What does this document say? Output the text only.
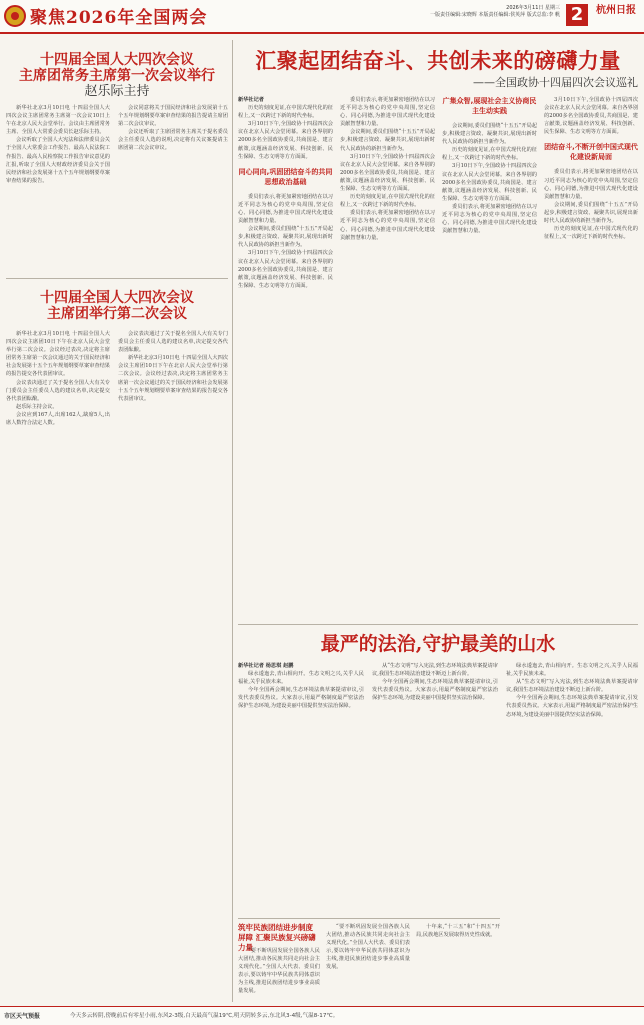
聚焦2026年全国两会	2026年3月11日 星期三
一版责任编辑:宋晓辉 本版责任编辑:侯英萍 版式总监:李 帆 2	杭州日报
十四届全国人大四次会议
主席团常务主席第一次会议举行
赵乐际主持

新华社北京3月10日电 十四届全国人大四次会议主席团常务主席第一次会议10日上午在北京人民大会堂举行。会议由主席团常务主席、全国人大常委会委员长赵乐际主持。

会议听取了全国人大宪法和法律委员会关于全国人大常委会工作报告、最高人民法院工作报告、最高人民检察院工作报告审议意见的汇报,听取了全国人大财政经济委员会关于国民经济和社会发展第十五个五年规划纲要草案审查结果的报告。

会议同意将关于国民经济和社会发展第十五个五年规划纲要草案审查结果的报告提请主席团第二次会议审议。

会议还听取了主席团常务主席关于提名委员会主任委员人选的说明,决定将有关议案提请主席团第二次会议审议。

十四届全国人大四次会议
主席团举行第二次会议

新华社北京3月10日电 十四届全国人大四次会议主席团10日下午在北京人民大会堂举行第二次会议。会议经过表决,决定将主席团常务主席第一次会议通过的关于国民经济和社会发展第十五个五年规划纲要草案审查结果的报告提交各代表团审议。

会议表决通过了关于提名全国人大有关专门委员会主任委员人选的建议名单,决定提交各代表团酝酿。

赵乐际主持会议。

会议应到167人,出席162人,缺席5人,出席人数符合法定人数。

会议表决通过了关于提名全国人大有关专门委员会主任委员人选的建议名单,决定提交各代表团酝酿。

新华社北京3月10日电 十四届全国人大四次会议主席团10日下午在北京人民大会堂举行第二次会议。会议经过表决,决定将主席团常务主席第一次会议通过的关于国民经济和社会发展第十五个五年规划纲要草案审查结果的报告提交各代表团审议。

汇聚起团结奋斗、共创未来的磅礴力量
——全国政协十四届四次会议巡礼
新华社记者

历史的刻度见证,在中国式现代化的征程上,又一次跨过下新的时代坐标。

3月10日下午,全国政协十四届四次会议在北京人民大会堂闭幕。来自各界别的2000多名全国政协委员,共商国是、建言献策,议题涵盖经济发展、科技创新、民生保障、生态文明等方方面面。

同心同向,巩固团结奋斗的共同思想政治基础

委员们表示,将更加紧密地团结在以习近平同志为核心的党中央周围,坚定信心、同心同德,为推进中国式现代化建设贡献智慧和力量。

会议期间,委员们围绕“十五五”开局起步,积极建言资政、凝聚共识,展现出新时代人民政协的新担当新作为。

3月10日下午,全国政协十四届四次会议在北京人民大会堂闭幕。来自各界别的2000多名全国政协委员,共商国是、建言献策,议题涵盖经济发展、科技创新、民生保障、生态文明等方方面面。

委员们表示,将更加紧密地团结在以习近平同志为核心的党中央周围,坚定信心、同心同德,为推进中国式现代化建设贡献智慧和力量。

会议期间,委员们围绕“十五五”开局起步,积极建言资政、凝聚共识,展现出新时代人民政协的新担当新作为。

3月10日下午,全国政协十四届四次会议在北京人民大会堂闭幕。来自各界别的2000多名全国政协委员,共商国是、建言献策,议题涵盖经济发展、科技创新、民生保障、生态文明等方方面面。

历史的刻度见证,在中国式现代化的征程上,又一次跨过下新的时代坐标。

委员们表示,将更加紧密地团结在以习近平同志为核心的党中央周围,坚定信心、同心同德,为推进中国式现代化建设贡献智慧和力量。

广集众智,展现社会主义协商民主生动实践

会议期间,委员们围绕“十五五”开局起步,积极建言资政、凝聚共识,展现出新时代人民政协的新担当新作为。

历史的刻度见证,在中国式现代化的征程上,又一次跨过下新的时代坐标。

3月10日下午,全国政协十四届四次会议在北京人民大会堂闭幕。来自各界别的2000多名全国政协委员,共商国是、建言献策,议题涵盖经济发展、科技创新、民生保障、生态文明等方方面面。

委员们表示,将更加紧密地团结在以习近平同志为核心的党中央周围,坚定信心、同心同德,为推进中国式现代化建设贡献智慧和力量。

3月10日下午,全国政协十四届四次会议在北京人民大会堂闭幕。来自各界别的2000多名全国政协委员,共商国是、建言献策,议题涵盖经济发展、科技创新、民生保障、生态文明等方方面面。

团结奋斗,不断开创中国式现代化建设新局面

委员们表示,将更加紧密地团结在以习近平同志为核心的党中央周围,坚定信心、同心同德,为推进中国式现代化建设贡献智慧和力量。

会议期间,委员们围绕“十五五”开局起步,积极建言资政、凝聚共识,展现出新时代人民政协的新担当新作为。

历史的刻度见证,在中国式现代化的征程上,又一次跨过下新的时代坐标。

最严的法治,守护最美的山水
新华社记者 杨思琪 赵鹏

绿水逶迤去,青山相向开。生态文明之兴,关乎人民福祉,关乎民族未来。

今年全国两会期间,生态环境法典草案提请审议,引发代表委员热议。大家表示,用最严格制度最严密法治保护生态环境,为建设美丽中国提供坚实法治保障。

从“生态文明”写入宪法,到生态环境法典草案提请审议,我国生态环境法治建设不断迈上新台阶。

今年全国两会期间,生态环境法典草案提请审议,引发代表委员热议。大家表示,用最严格制度最严密法治保护生态环境,为建设美丽中国提供坚实法治保障。

绿水逶迤去,青山相向开。生态文明之兴,关乎人民福祉,关乎民族未来。

从“生态文明”写入宪法,到生态环境法典草案提请审议,我国生态环境法治建设不断迈上新台阶。

今年全国两会期间,生态环境法典草案提请审议,引发代表委员热议。大家表示,用最严格制度最严密法治保护生态环境,为建设美丽中国提供坚实法治保障。

筑牢民族团结进步制度
屏障 汇聚民族复兴磅礴力量

“要不断巩固发展全国各族人民大团结,推动各民族共同走向社会主义现代化。”全国人大代表、委员们表示,要以铸牢中华民族共同体意识为主线,推进民族团结进步事业高质量发展。

“要不断巩固发展全国各族人民大团结,推动各民族共同走向社会主义现代化。”全国人大代表、委员们表示,要以铸牢中华民族共同体意识为主线,推进民族团结进步事业高质量发展。

十年来,“十三五”和“十四五”开局,民族地区发展取得历史性成就。

市区天气预报	今天多云转阴,傍晚前后有零星小雨,东风2-3级,白天最高气温19℃,明天阴转多云,东北风3-4级,气温8-17℃。
